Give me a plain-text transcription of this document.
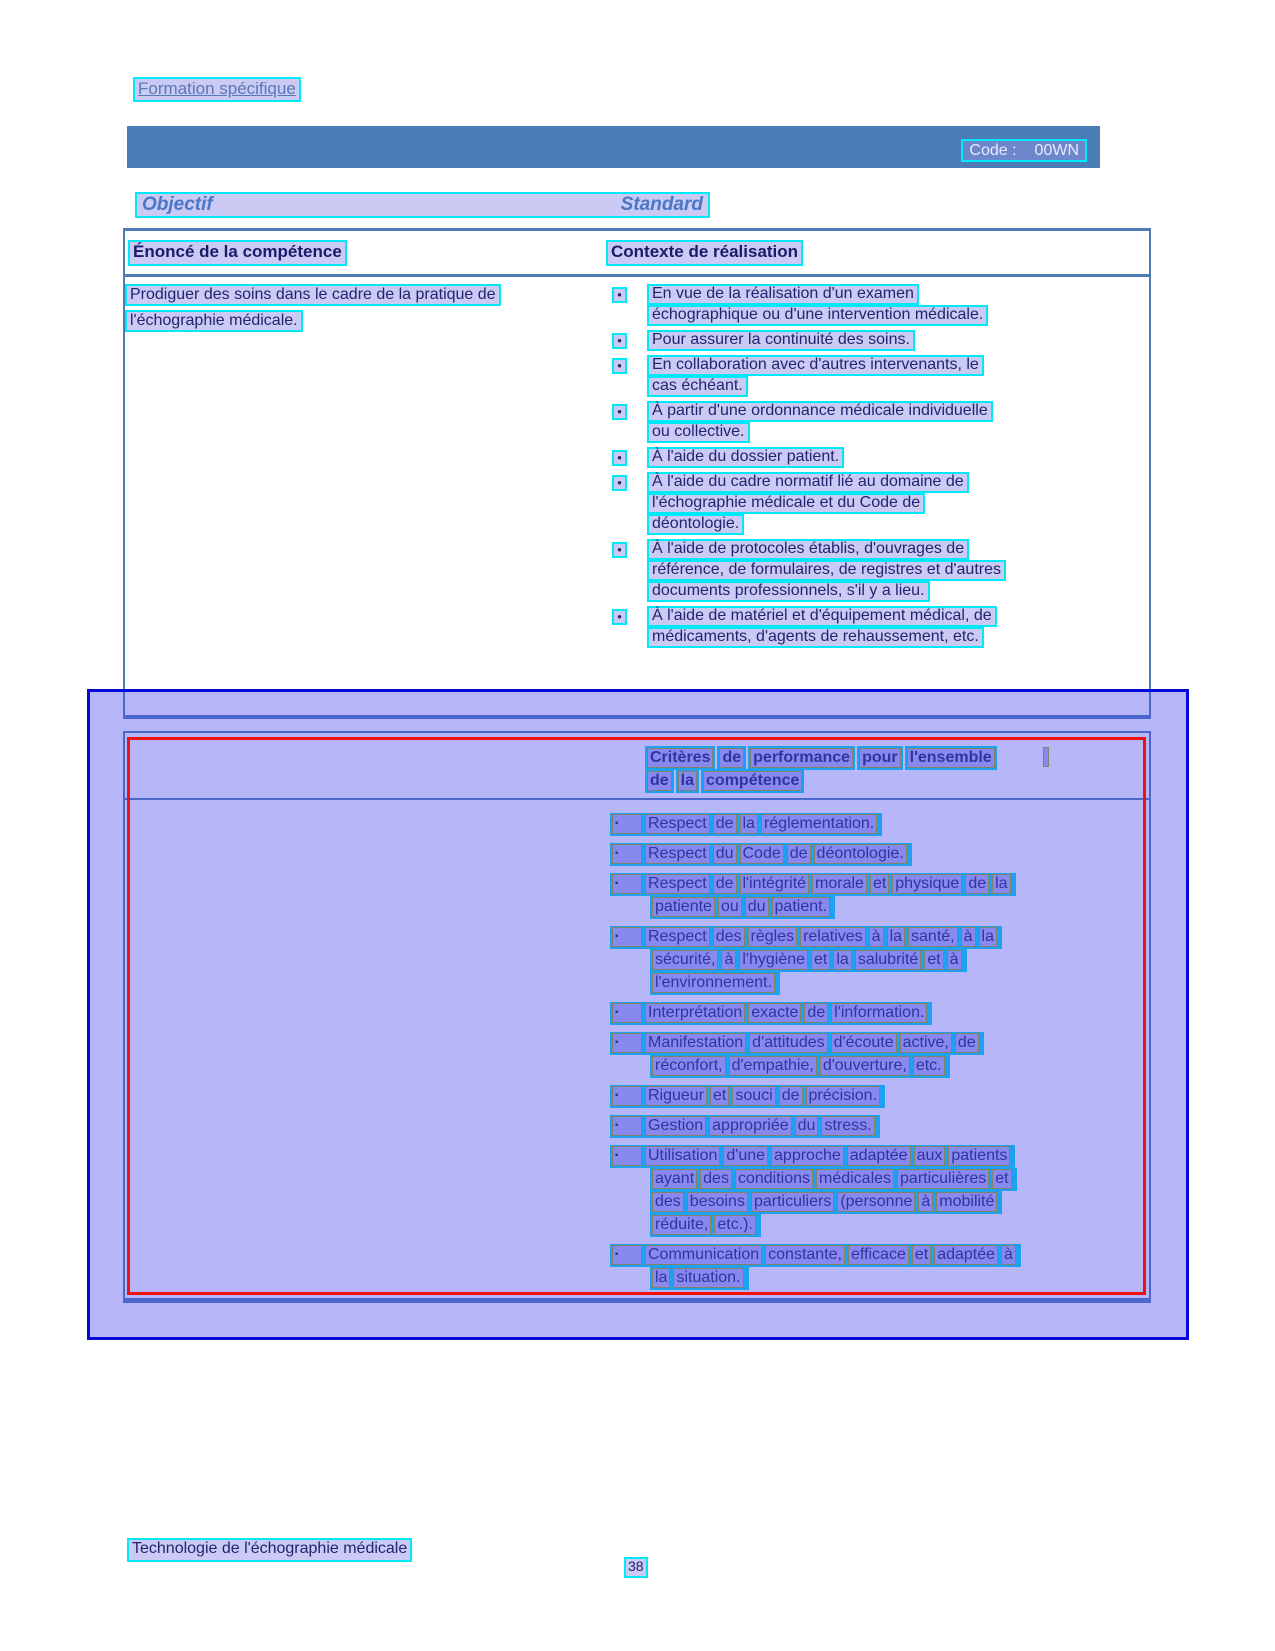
Formation spécifique
Code : 00WN
Objectif	Standard
Énoncé de la compétence	Contexte de réalisation
Prodiguer des soins dans le cadre de la pratique de
l'échographie médicale.
●	En vue de la réalisation d'un examen
échographique ou d'une intervention médicale.
●	Pour assurer la continuité des soins.
●	En collaboration avec d'autres intervenants, le
cas échéant.
●	À partir d'une ordonnance médicale individuelle
ou collective.
●	À l'aide du dossier patient.
●	À l'aide du cadre normatif lié au domaine de
l'échographie médicale et du Code de
déontologie.
●	À l'aide de protocoles établis, d'ouvrages de
référence, de formulaires, de registres et d'autres
documents professionnels, s'il y a lieu.
●	À l'aide de matériel et d'équipement médical, de
médicaments, d'agents de rehaussement, etc.
Critères de performance pour l'ensemble
de la compétence
▪ Respect de la réglementation.
▪ Respect du Code de déontologie.
▪ Respect de l'intégrité morale et physique de la
patiente ou du patient.
▪ Respect des règles relatives à la santé, à la
sécurité, à l'hygiène et la salubrité et à
l'environnement.
▪ Interprétation exacte de l'information.
▪ Manifestation d'attitudes d'écoute active, de
réconfort, d'empathie, d'ouverture, etc.
▪ Rigueur et souci de précision.
▪ Gestion appropriée du stress.
▪ Utilisation d'une approche adaptée aux patients
ayant des conditions médicales particulières et
des besoins particuliers (personne à mobilité
réduite, etc.).
▪ Communication constante, efficace et adaptée à
la situation.
Technologie de l'échographie médicale
38
